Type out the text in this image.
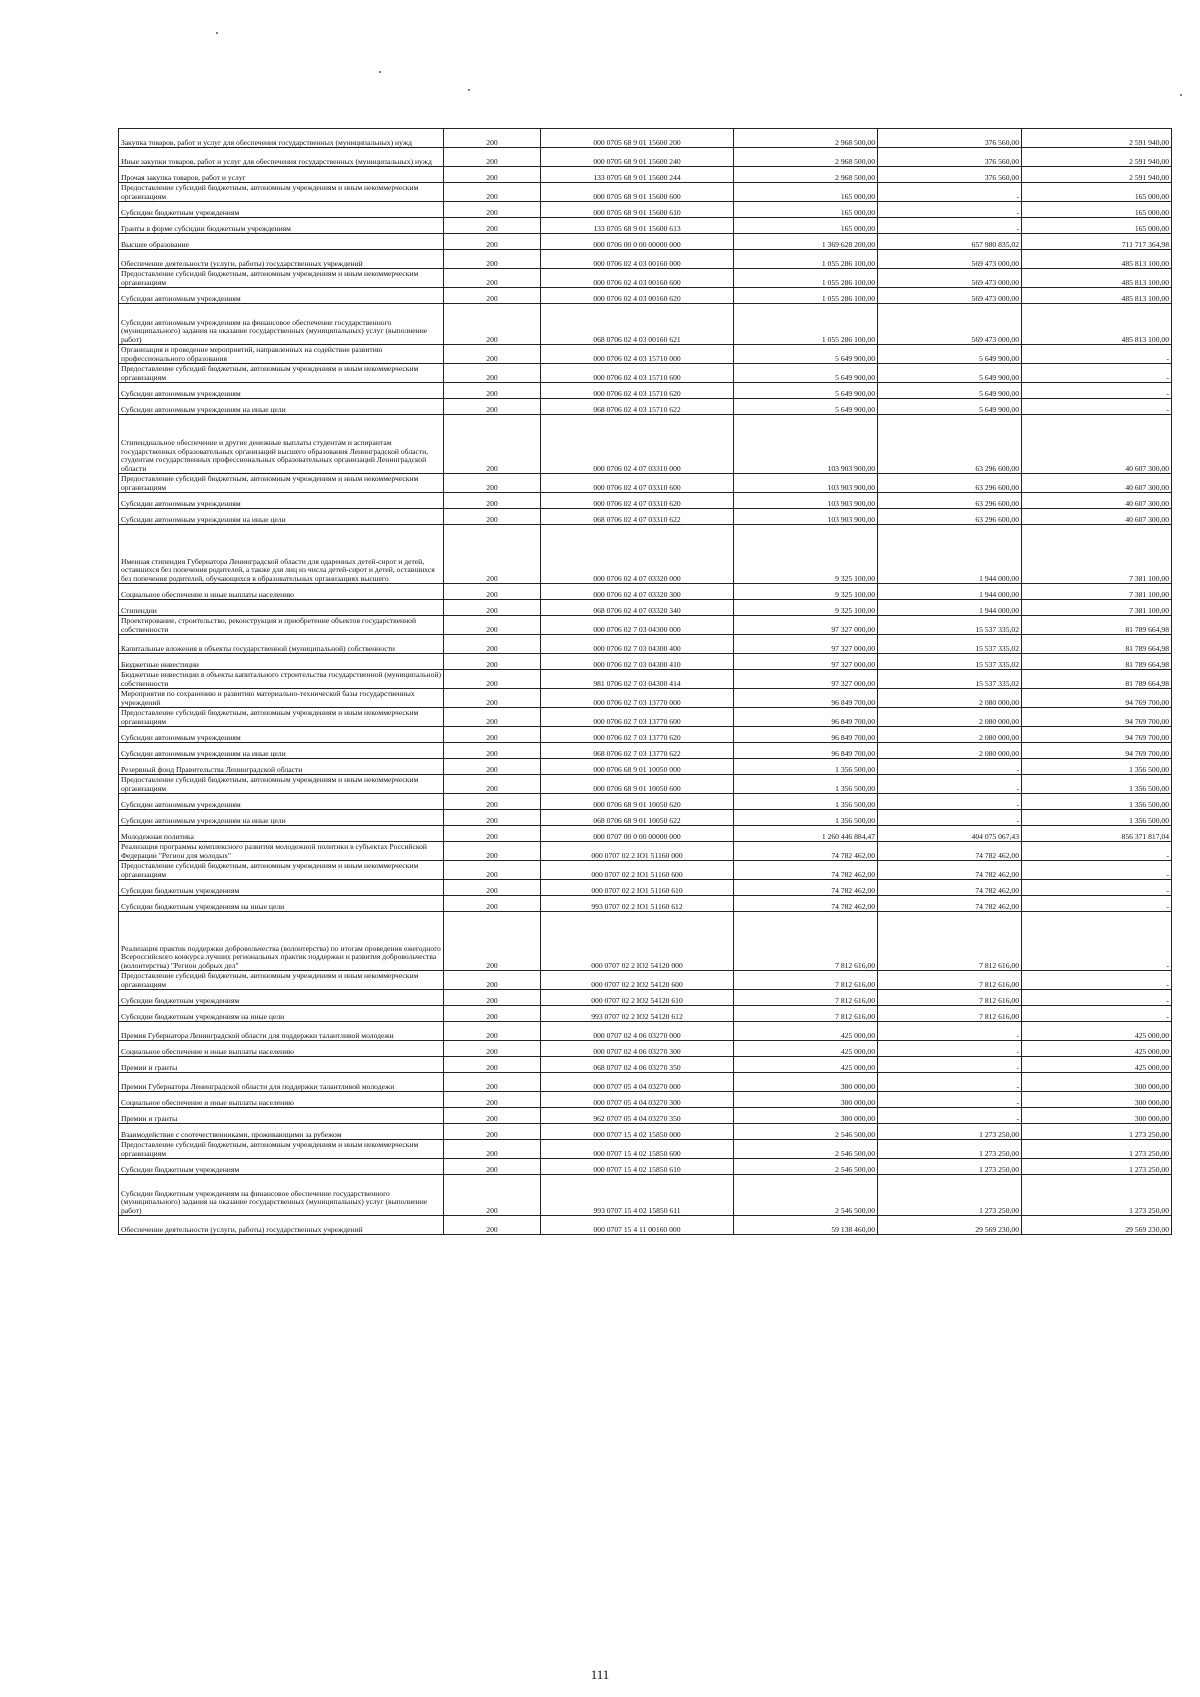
Закупка товаров, работ и услуг для обеспечения государственных (муниципальных) нужд	200	000 0705 68 9 01 15600 200	2 968 500,00	376 560,00	2 591 940,00
Иные закупки товаров, работ и услуг для обеспечения государственных (муниципальных) нужд	200	000 0705 68 9 01 15600 240	2 968 500,00	376 560,00	2 591 940,00
Прочая закупка товаров, работ и услуг	200	133 0705 68 9 01 15600 244	2 968 500,00	376 560,00	2 591 940,00
Предоставление субсидий бюджетным, автономным учреждениям и иным некоммерческим организациям	200	000 0705 68 9 01 15600 600	165 000,00	-	165 000,00
Субсидии бюджетным учреждениям	200	000 0705 68 9 01 15600 610	165 000,00	-	165 000,00
Гранты в форме субсидии бюджетным учреждениям	200	133 0705 68 9 01 15600 613	165 000,00	-	165 000,00
Высшее образование	200	000 0706 00 0 00 00000 000	1 369 628 200,00	657 980 835,02	711 717 364,98
Обеспечение деятельности (услуги, работы) государственных учреждений	200	000 0706 02 4 03 00160 000	1 055 286 100,00	569 473 000,00	485 813 100,00
Предоставление субсидий бюджетным, автономным учреждениям и иным некоммерческим организациям	200	000 0706 02 4 03 00160 600	1 055 286 100,00	569 473 000,00	485 813 100,00
Субсидии автономным учреждениям	200	000 0706 02 4 03 00160 620	1 055 286 100,00	569 473 000,00	485 813 100,00
Субсидии автономным учреждениям на финансовое обеспечение государственного (муниципального) задания на оказание государственных (муниципальных) услуг (выполнение работ)	200	068 0706 02 4 03 00160 621	1 055 286 100,00	569 473 000,00	485 813 100,00
Организация и проведение мероприятий, направленных на содействие развитию профессионального образования	200	000 0706 02 4 03 15710 000	5 649 900,00	5 649 900,00	-
Предоставление субсидий бюджетным, автономным учреждениям и иным некоммерческим организациям	200	000 0706 02 4 03 15710 600	5 649 900,00	5 649 900,00	-
Субсидии автономным учреждениям	200	000 0706 02 4 03 15710 620	5 649 900,00	5 649 900,00	-
Субсидии автономным учреждениям на иные цели	200	068 0706 02 4 03 15710 622	5 649 900,00	5 649 900,00	-
Стипендиальное обеспечение и другие денежные выплаты студентам и аспирантам государственных образовательных организаций высшего образования Ленинградской области, студентам государственных профессиональных образовательных организаций Ленинградской области	200	000 0706 02 4 07 03310 000	103 903 900,00	63 296 600,00	40 607 300,00
Предоставление субсидий бюджетным, автономным учреждениям и иным некоммерческим организациям	200	000 0706 02 4 07 03310 600	103 903 900,00	63 296 600,00	40 607 300,00
Субсидии автономным учреждениям	200	000 0706 02 4 07 03310 620	103 903 900,00	63 296 600,00	40 607 300,00
Субсидии автономным учреждениям на иные цели	200	068 0706 02 4 07 03310 622	103 903 900,00	63 296 600,00	40 607 300,00
Именная стипендия Губернатора Ленинградской области для одаренных детей-сирот и детей, оставшихся без попечения родителей, а также для лиц из числа детей-сирот и детей, оставшихся без попечения родителей, обучающихся в образовательных организациях высшего	200	000 0706 02 4 07 03320 000	9 325 100,00	1 944 000,00	7 381 100,00
Социальное обеспечение и иные выплаты населению	200	000 0706 02 4 07 03320 300	9 325 100,00	1 944 000,00	7 381 100,00
Стипендии	200	068 0706 02 4 07 03320 340	9 325 100,00	1 944 000,00	7 381 100,00
Проектирование, строительство, реконструкция и приобретение объектов государственной собственности	200	000 0706 02 7 03 04300 000	97 327 000,00	15 537 335,02	81 789 664,98
Капитальные вложения в объекты государственной (муниципальной) собственности	200	000 0706 02 7 03 04300 400	97 327 000,00	15 537 335,02	81 789 664,98
Бюджетные инвестиции	200	000 0706 02 7 03 04300 410	97 327 000,00	15 537 335,02	81 789 664,98
Бюджетные инвестиции в объекты капитального строительства государственной (муниципальной) собственности	200	981 0706 02 7 03 04300 414	97 327 000,00	15 537 335,02	81 789 664,98
Мероприятия по сохранению и развитию материально-технической базы государственных учреждений	200	000 0706 02 7 03 13770 000	96 849 700,00	2 080 000,00	94 769 700,00
Предоставление субсидий бюджетным, автономным учреждениям и иным некоммерческим организациям	200	000 0706 02 7 03 13770 600	96 849 700,00	2 080 000,00	94 769 700,00
Субсидии автономным учреждениям	200	000 0706 02 7 03 13770 620	96 849 700,00	2 080 000,00	94 769 700,00
Субсидии автономным учреждениям на иные цели	200	068 0706 02 7 03 13770 622	96 849 700,00	2 080 000,00	94 769 700,00
Резервный фонд Правительства Ленинградской области	200	000 0706 68 9 01 10050 000	1 356 500,00	-	1 356 500,00
Предоставление субсидий бюджетным, автономным учреждениям и иным некоммерческим организациям	200	000 0706 68 9 01 10050 600	1 356 500,00	-	1 356 500,00
Субсидии автономным учреждениям	200	000 0706 68 9 01 10050 620	1 356 500,00	-	1 356 500,00
Субсидии автономным учреждениям на иные цели	200	068 0706 68 9 01 10050 622	1 356 500,00	-	1 356 500,00
Молодежная политика	200	000 0707 00 0 00 00000 000	1 260 446 884,47	404 075 067,43	856 371 817,04
Реализация программы комплексного развития молодежной политики в субъектах Российской Федерации "Регион для молодых"	200	000 0707 02 2 IO1 51160 000	74 782 462,00	74 782 462,00	-
Предоставление субсидий бюджетным, автономным учреждениям и иным некоммерческим организациям	200	000 0707 02 2 IO1 51160 600	74 782 462,00	74 782 462,00	-
Субсидии бюджетным учреждениям	200	000 0707 02 2 IO1 51160 610	74 782 462,00	74 782 462,00	-
Субсидии бюджетным учреждениям на иные цели	200	993 0707 02 2 IO1 51160 612	74 782 462,00	74 782 462,00	-
Реализация практик поддержки добровольчества (волонтерства) по итогам проведения ежегодного Всероссийского конкурса лучших региональных практик поддержки и развития добровольчества (волонтерства) "Регион добрых дел"	200	000 0707 02 2 IO2 54120 000	7 812 616,00	7 812 616,00	-
Предоставление субсидий бюджетным, автономным учреждениям и иным некоммерческим организациям	200	000 0707 02 2 IO2 54120 600	7 812 616,00	7 812 616,00	-
Субсидии бюджетным учреждениям	200	000 0707 02 2 IO2 54120 610	7 812 616,00	7 812 616,00	-
Субсидии бюджетным учреждениям на иные цели	200	993 0707 02 2 IO2 54120 612	7 812 616,00	7 812 616,00	-
Премия Губернатора Ленинградской области для поддержки талантливой молодежи	200	000 0707 02 4 06 03270 000	425 000,00	-	425 000,00
Социальное обеспечение и иные выплаты населению	200	000 0707 02 4 06 03270 300	425 000,00	-	425 000,00
Премии и гранты	200	068 0707 02 4 06 03270 350	425 000,00	-	425 000,00
Премии Губернатора Ленинградской области для поддержки талантливой молодежи	200	000 0707 05 4 04 03270 000	300 000,00	-	300 000,00
Социальное обеспечение и иные выплаты населению	200	000 0707 05 4 04 03270 300	300 000,00	-	300 000,00
Премии и гранты	200	962 0707 05 4 04 03270 350	300 000,00	-	300 000,00
Взаимодействие с соотечественниками, проживающими за рубежом	200	000 0707 15 4 02 15850 000	2 546 500,00	1 273 250,00	1 273 250,00
Предоставление субсидий бюджетным, автономным учреждениям и иным некоммерческим организациям	200	000 0707 15 4 02 15850 600	2 546 500,00	1 273 250,00	1 273 250,00
Субсидии бюджетным учреждениям	200	000 0707 15 4 02 15850 610	2 546 500,00	1 273 250,00	1 273 250,00
Субсидии бюджетным учреждениям на финансовое обеспечение государственного (муниципального) задания на оказание государственных (муниципальных) услуг (выполнение работ)	200	993 0707 15 4 02 15850 611	2 546 500,00	1 273 250,00	1 273 250,00
Обеспечение деятельности (услуги, работы) государственных учреждений	200	000 0707 15 4 11 00160 000	59 138 460,00	29 569 230,00	29 569 230,00
111
